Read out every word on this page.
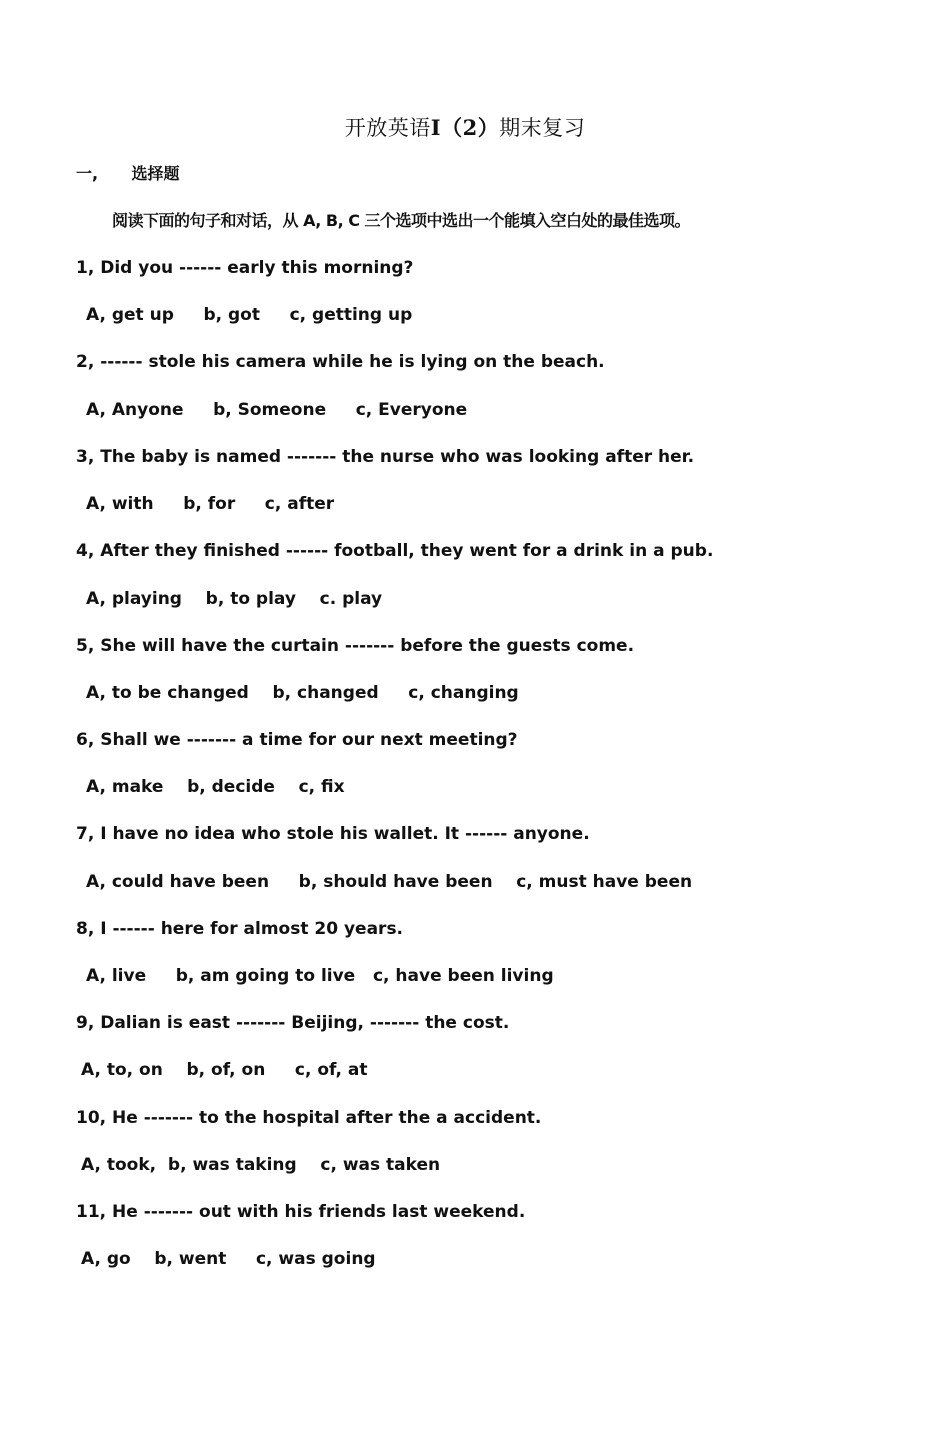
开放英语I（2）期末复习
一,      选择题
阅读下面的句子和对话，从 A, B, C 三个选项中选出一个能填入空白处的最佳选项。
1, Did you ------ early this morning?
A, get up     b, got     c, getting up
2, ------ stole his camera while he is lying on the beach.
A, Anyone     b, Someone     c, Everyone
3, The baby is named ------- the nurse who was looking after her.
A, with     b, for     c, after
4, After they finished ------ football, they went for a drink in a pub.
A, playing    b, to play    c. play
5, She will have the curtain ------- before the guests come.
A, to be changed    b, changed     c, changing
6, Shall we ------- a time for our next meeting?
A, make    b, decide    c, fix
7, I have no idea who stole his wallet. It ------ anyone.
A, could have been     b, should have been    c, must have been
8, I ------ here for almost 20 years.
A, live     b, am going to live   c, have been living
9, Dalian is east ------- Beijing, ------- the cost.
A, to, on    b, of, on     c, of, at
10, He ------- to the hospital after the a accident.
A, took,  b, was taking    c, was taken
11, He ------- out with his friends last weekend.
A, go    b, went     c, was going
